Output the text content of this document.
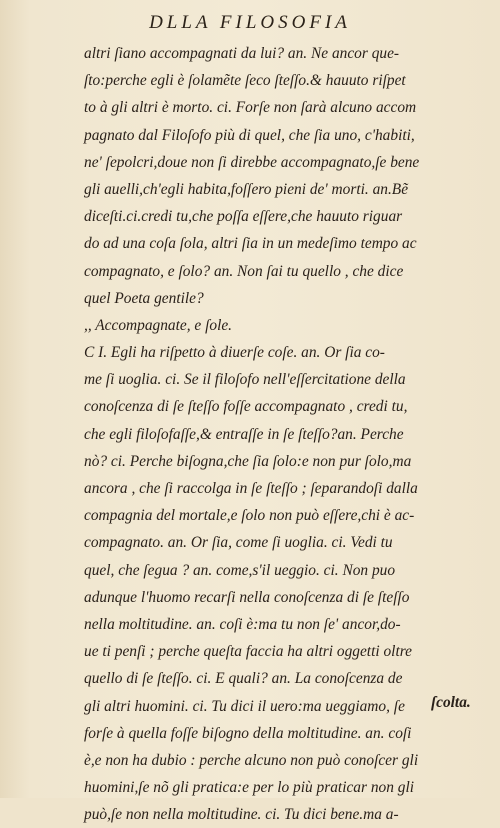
DLLA FILOSOFIA
altri ſiano accompagnati da lui? an. Ne ancor que-
ſto:perche egli è ſolamẽte ſeco ſteſſo.& hauuto riſpet
to à gli altri è morto. ci. Forſe non ſarà alcuno accom
pagnato dal Filoſofo più di quel, che ſia uno, c'habiti,
ne' ſepolcri,doue non ſi direbbe accompagnato,ſe bene
gli auelli,ch'egli habita,foſſero pieni de' morti. an.Bẽ
diceſti.ci.credi tu,che poſſa eſſere,che hauuto riguar
do ad una coſa ſola, altri ſia in un medeſimo tempo ac
compagnato, e ſolo? an. Non ſai tu quello , che dice
quel Poeta gentile?
,, Accompagnate, e ſole.
C I. Egli ha riſpetto à diuerſe coſe. an. Or ſia co-
me ſi uoglia. ci. Se il filoſofo nell'eſſercitatione della
conoſcenza di ſe ſteſſo foſſe accompagnato , credi tu,
che egli filoſofaſſe,& entraſſe in ſe ſteſſo?an. Perche
nò? ci. Perche biſogna,che ſia ſolo:e non pur ſolo,ma
ancora , che ſi raccolga in ſe ſteſſo ; ſeparandoſi dalla
compagnia del mortale,e ſolo non può eſſere,chi è ac-
compagnato. an. Or ſia, come ſi uoglia. ci. Vedi tu
quel, che ſegua ? an. come,s'il ueggio. ci. Non puo
adunque l'huomo recarſi nella conoſcenza di ſe ſteſſo
nella moltitudine. an. coſi è:ma tu non ſe' ancor,do-
ue ti penſi ; perche queſta faccia ha altri oggetti oltre
quello di ſe ſteſſo. ci. E quali? an. La conoſcenza de
gli altri huomini. ci. Tu dici il uero:ma ueggiamo, ſe
forſe à quella foſſe biſogno della moltitudine. an. coſi
è,e non ha dubio : perche alcuno non può conoſcer gli
huomini,ſe nõ gli pratica:e per lo più praticar non gli
può,ſe non nella moltitudine. ci. Tu dici bene.ma a-
ſcolta.
